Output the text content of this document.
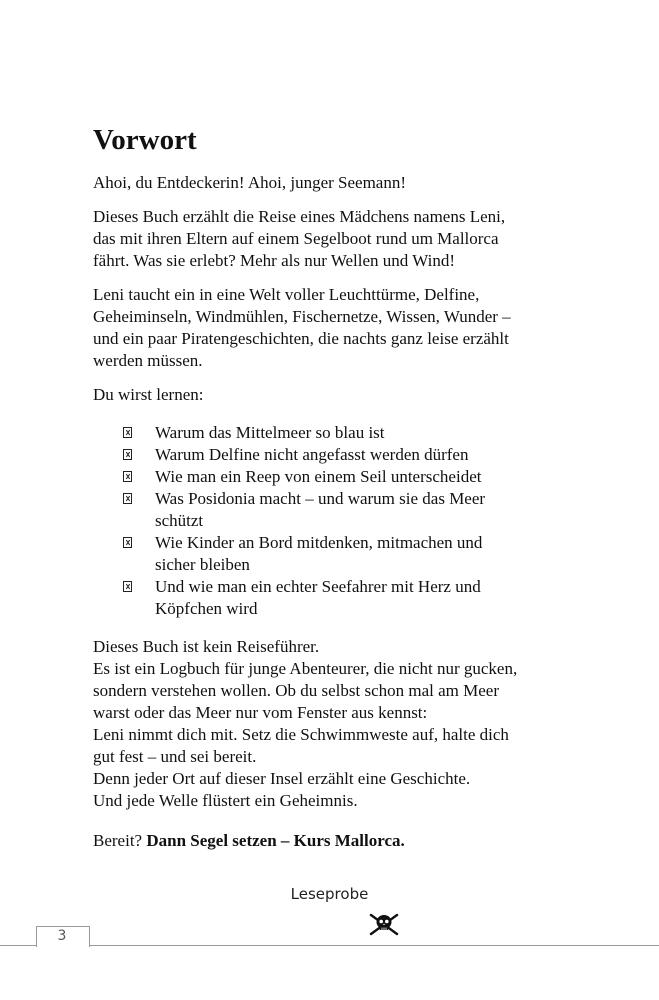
Vorwort

Ahoi, du Entdeckerin! Ahoi, junger Seemann!

Dieses Buch erzählt die Reise eines Mädchens namens Leni,
das mit ihren Eltern auf einem Segelboot rund um Mallorca
fährt. Was sie erlebt? Mehr als nur Wellen und Wind!

Leni taucht ein in eine Welt voller Leuchttürme, Delfine,
Geheiminseln, Windmühlen, Fischernetze, Wissen, Wunder –
und ein paar Piratengeschichten, die nachts ganz leise erzählt
werden müssen.

Du wirst lernen:

Warum das Mittelmeer so blau ist
Warum Delfine nicht angefasst werden dürfen
Wie man ein Reep von einem Seil unterscheidet
Was Posidonia macht – und warum sie das Meer
schützt
Wie Kinder an Bord mitdenken, mitmachen und
sicher bleiben
Und wie man ein echter Seefahrer mit Herz und
Köpfchen wird

Dieses Buch ist kein Reiseführer.
Es ist ein Logbuch für junge Abenteurer, die nicht nur gucken,
sondern verstehen wollen. Ob du selbst schon mal am Meer
warst oder das Meer nur vom Fenster aus kennst:
Leni nimmt dich mit. Setz die Schwimmweste auf, halte dich
gut fest – und sei bereit.
Denn jeder Ort auf dieser Insel erzählt eine Geschichte.
Und jede Welle flüstert ein Geheimnis.

Bereit? Dann Segel setzen – Kurs Mallorca.

Leseprobe
3
